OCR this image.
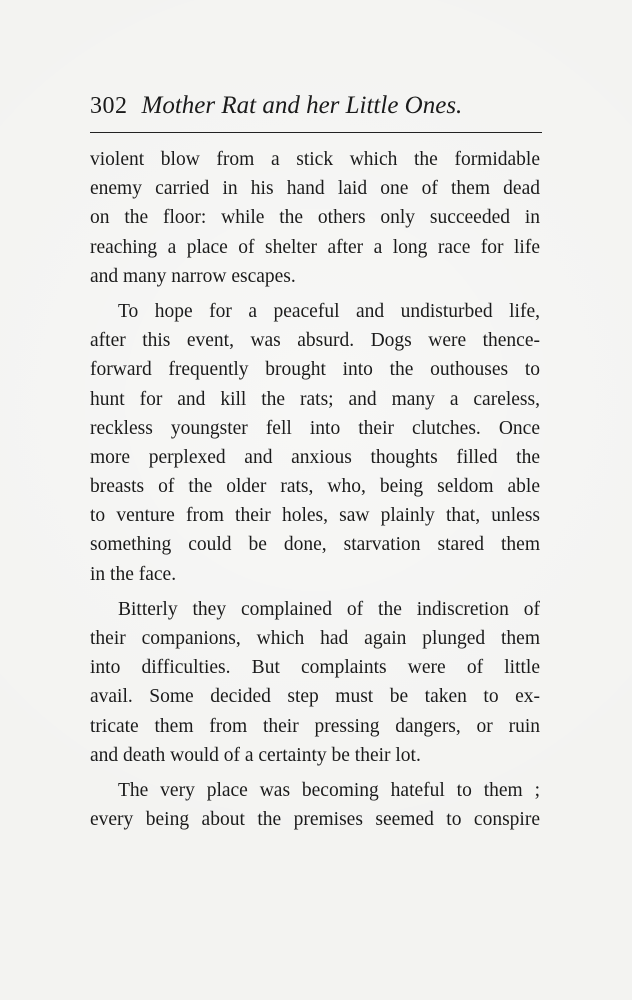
302 Mother Rat and her Little Ones.
violent blow from a stick which the formidable
enemy carried in his hand laid one of them dead
on the floor: while the others only succeeded in
reaching a place of shelter after a long race for life
and many narrow escapes.
To hope for a peaceful and undisturbed life,
after this event, was absurd. Dogs were thence-
forward frequently brought into the outhouses to
hunt for and kill the rats; and many a careless,
reckless youngster fell into their clutches. Once
more perplexed and anxious thoughts filled the
breasts of the older rats, who, being seldom able
to venture from their holes, saw plainly that, unless
something could be done, starvation stared them
in the face.
Bitterly they complained of the indiscretion of
their companions, which had again plunged them
into difficulties. But complaints were of little
avail. Some decided step must be taken to ex-
tricate them from their pressing dangers, or ruin
and death would of a certainty be their lot.
The very place was becoming hateful to them ;
every being about the premises seemed to conspire
